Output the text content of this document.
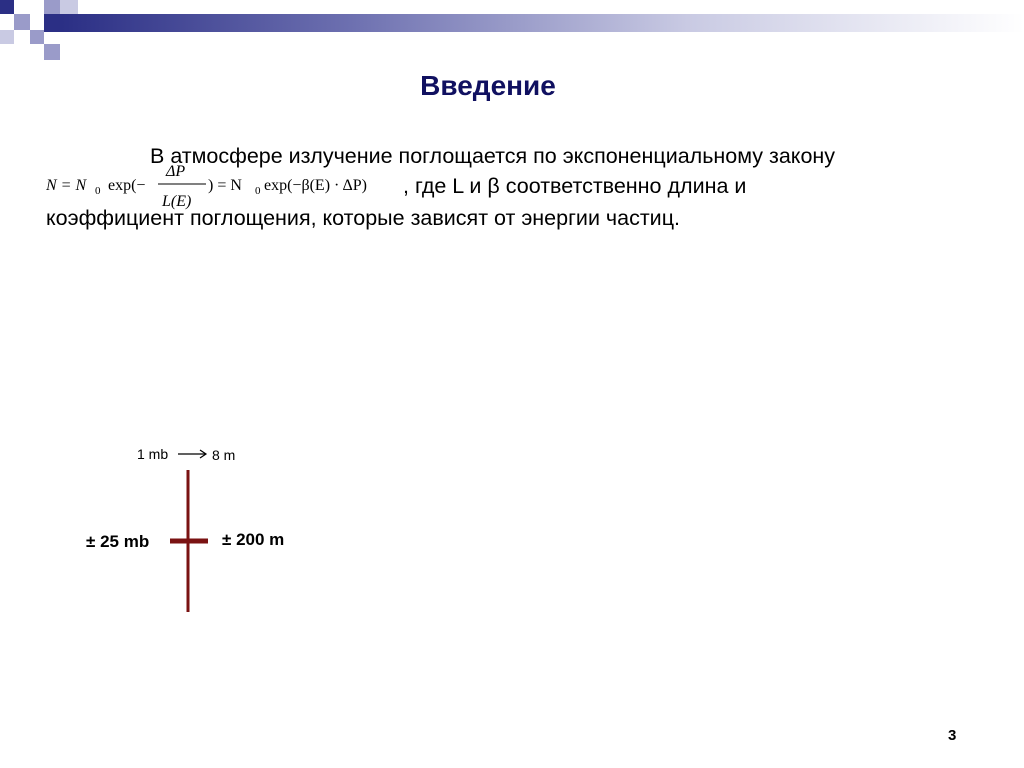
Введение
В атмосфере излучение поглощается по экспоненциальному закону
N = N 0 exp(−
ΔP
L(E)
) = N 0 exp(−β(E) · ΔP) , где L и β соответственно длина и
коэффициент поглощения, которые зависят от энергии частиц.
1 mb	8 m
± 25 mb	± 200 m
3
